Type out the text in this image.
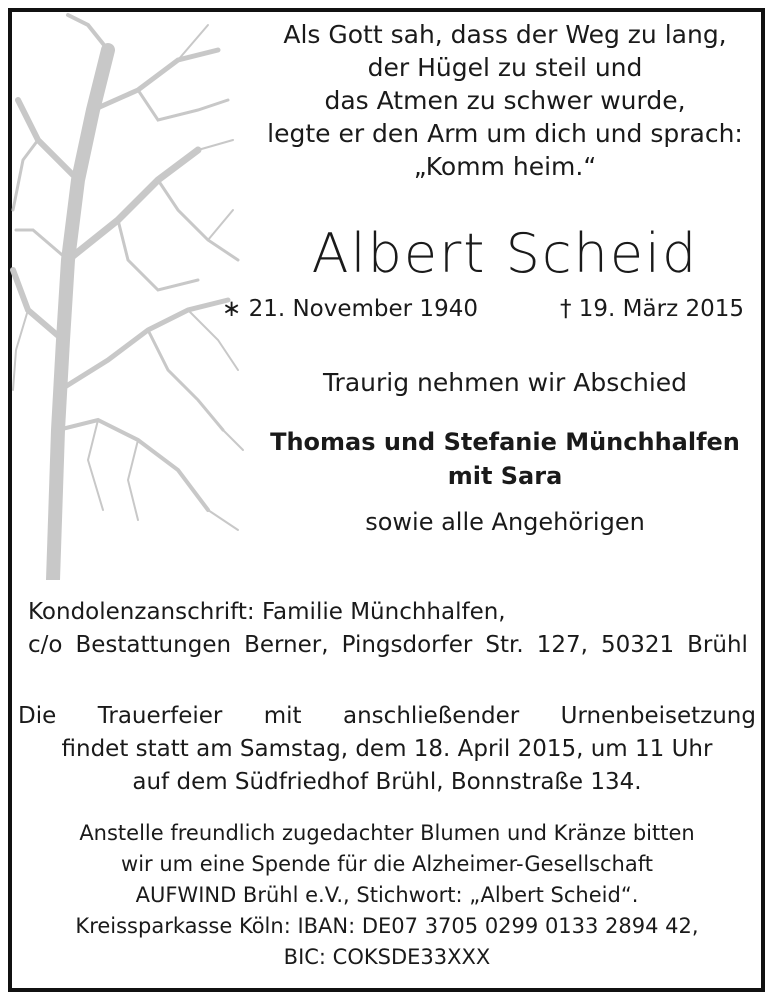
Als Gott sah, dass der Weg zu lang,
der Hügel zu steil und
das Atmen zu schwer wurde,
legte er den Arm um dich und sprach:
„Komm heim.“
Albert Scheid
∗ 21. November 1940	† 19. März 2015
Traurig nehmen wir Abschied
Thomas und Stefanie Münchhalfen
mit Sara
sowie alle Angehörigen
Kondolenzanschrift: Familie Münchhalfen,
c/o Bestattungen Berner, Pingsdorfer Str. 127, 50321 Brühl
Die Trauerfeier mit anschließender Urnenbeisetzung
findet statt am Samstag, dem 18. April 2015, um 11 Uhr
auf dem Südfriedhof Brühl, Bonnstraße 134.
Anstelle freundlich zugedachter Blumen und Kränze bitten
wir um eine Spende für die Alzheimer-Gesellschaft
AUFWIND Brühl e.V., Stichwort: „Albert Scheid“.
Kreissparkasse Köln: IBAN: DE07 3705 0299 0133 2894 42,
BIC: COKSDE33XXX
